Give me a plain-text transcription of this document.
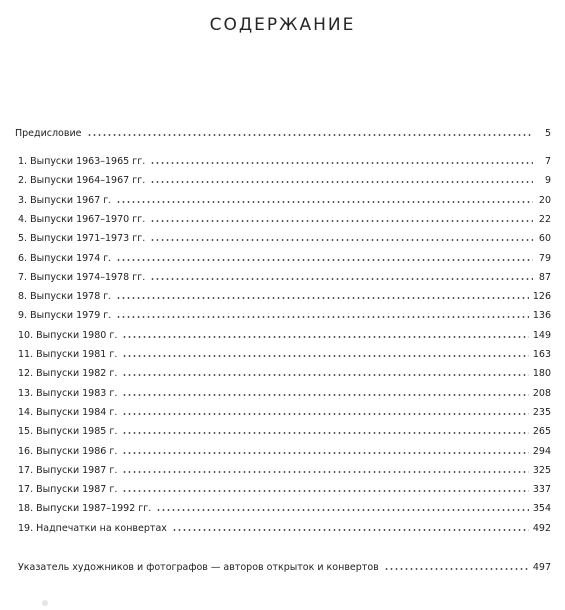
СОДЕРЖАНИЕ
Предисловие	5
1. Выпуски 1963–1965 гг.	7
2. Выпуски 1964–1967 гг.	9
3. Выпуски 1967 г.	20
4. Выпуски 1967–1970 гг.	22
5. Выпуски 1971–1973 гг.	60
6. Выпуски 1974 г.	79
7. Выпуски 1974–1978 гг.	87
8. Выпуски 1978 г.	126
9. Выпуски 1979 г.	136
10. Выпуски 1980 г.	149
11. Выпуски 1981 г.	163
12. Выпуски 1982 г.	180
13. Выпуски 1983 г.	208
14. Выпуски 1984 г.	235
15. Выпуски 1985 г.	265
16. Выпуски 1986 г.	294
17. Выпуски 1987 г.	325
17. Выпуски 1987 г.	337
18. Выпуски 1987–1992 гг.	354
19. Надпечатки на конвертах	492
Указатель художников и фотографов — авторов открыток и конвертов	497
